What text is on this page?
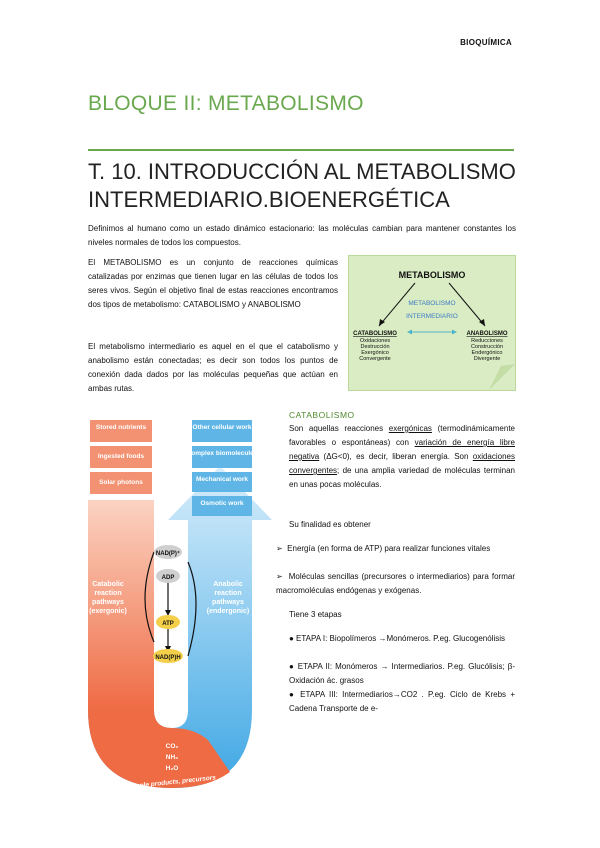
BIOQUÍMICA
BLOQUE II: METABOLISMO
T. 10. INTRODUCCIÓN AL METABOLISMO INTERMEDIARIO.BIOENERGÉTICA
Definimos al humano como un estado dinámico estacionario: las moléculas cambian para mantener constantes los niveles normales de todos los compuestos.
El METABOLISMO es un conjunto de reacciones químicas catalizadas por enzimas que tienen lugar en las células de todos los seres vivos. Según el objetivo final de estas reacciones encontramos dos tipos de metabolismo: CATABOLISMO y ANABOLISMO
El metabolismo intermediario es aquel en el que el catabolismo y anabolismo están conectadas; es decir son todos los puntos de conexión dada dados por las moléculas pequeñas que actúan en ambas rutas.
METABOLISMO
METABOLISMO
INTERMEDIARIO
CATABOLISMO
Oxidaciones
Destrucción
Exergónico
Convergente
ANABOLISMO
Reducciones
Construcción
Endergónico
Divergente
Stored nutrients
Ingested foods
Solar photons
Other cellular work
Complex biomolecules
Mechanical work
Osmotic work
Catabolic
reaction
pathways
(exergonic)
Anabolic
reaction
pathways
(endergonic)
NAD(P)⁺
ADP
ATP
NAD(P)H
CO₂
NH₃
H₂O
Simple products, precursors
CATABOLISMO
Son aquellas reacciones exergónicas (termodinámicamente favorables o espontáneas) con variación de energía libre negativa (ΔG<0), es decir, liberan energía. Son oxidaciones convergentes; de una amplia variedad de moléculas terminan en unas pocas moléculas.
Su finalidad es obtener
➢  Energía (en forma de ATP) para realizar funciones vitales
➢  Moléculas sencillas (precursores o intermediarios) para formar macromoléculas endógenas y exógenas.
Tiene 3 etapas
● ETAPA I: Biopolímeros →Monómeros. P.eg. Glucogenólisis
● ETAPA II: Monómeros → Intermediarios. P.eg. Glucólisis; β-Oxidación ác. grasos
● ETAPA III: Intermediarios→CO2 . P.eg. Ciclo de Krebs + Cadena Transporte de e-
